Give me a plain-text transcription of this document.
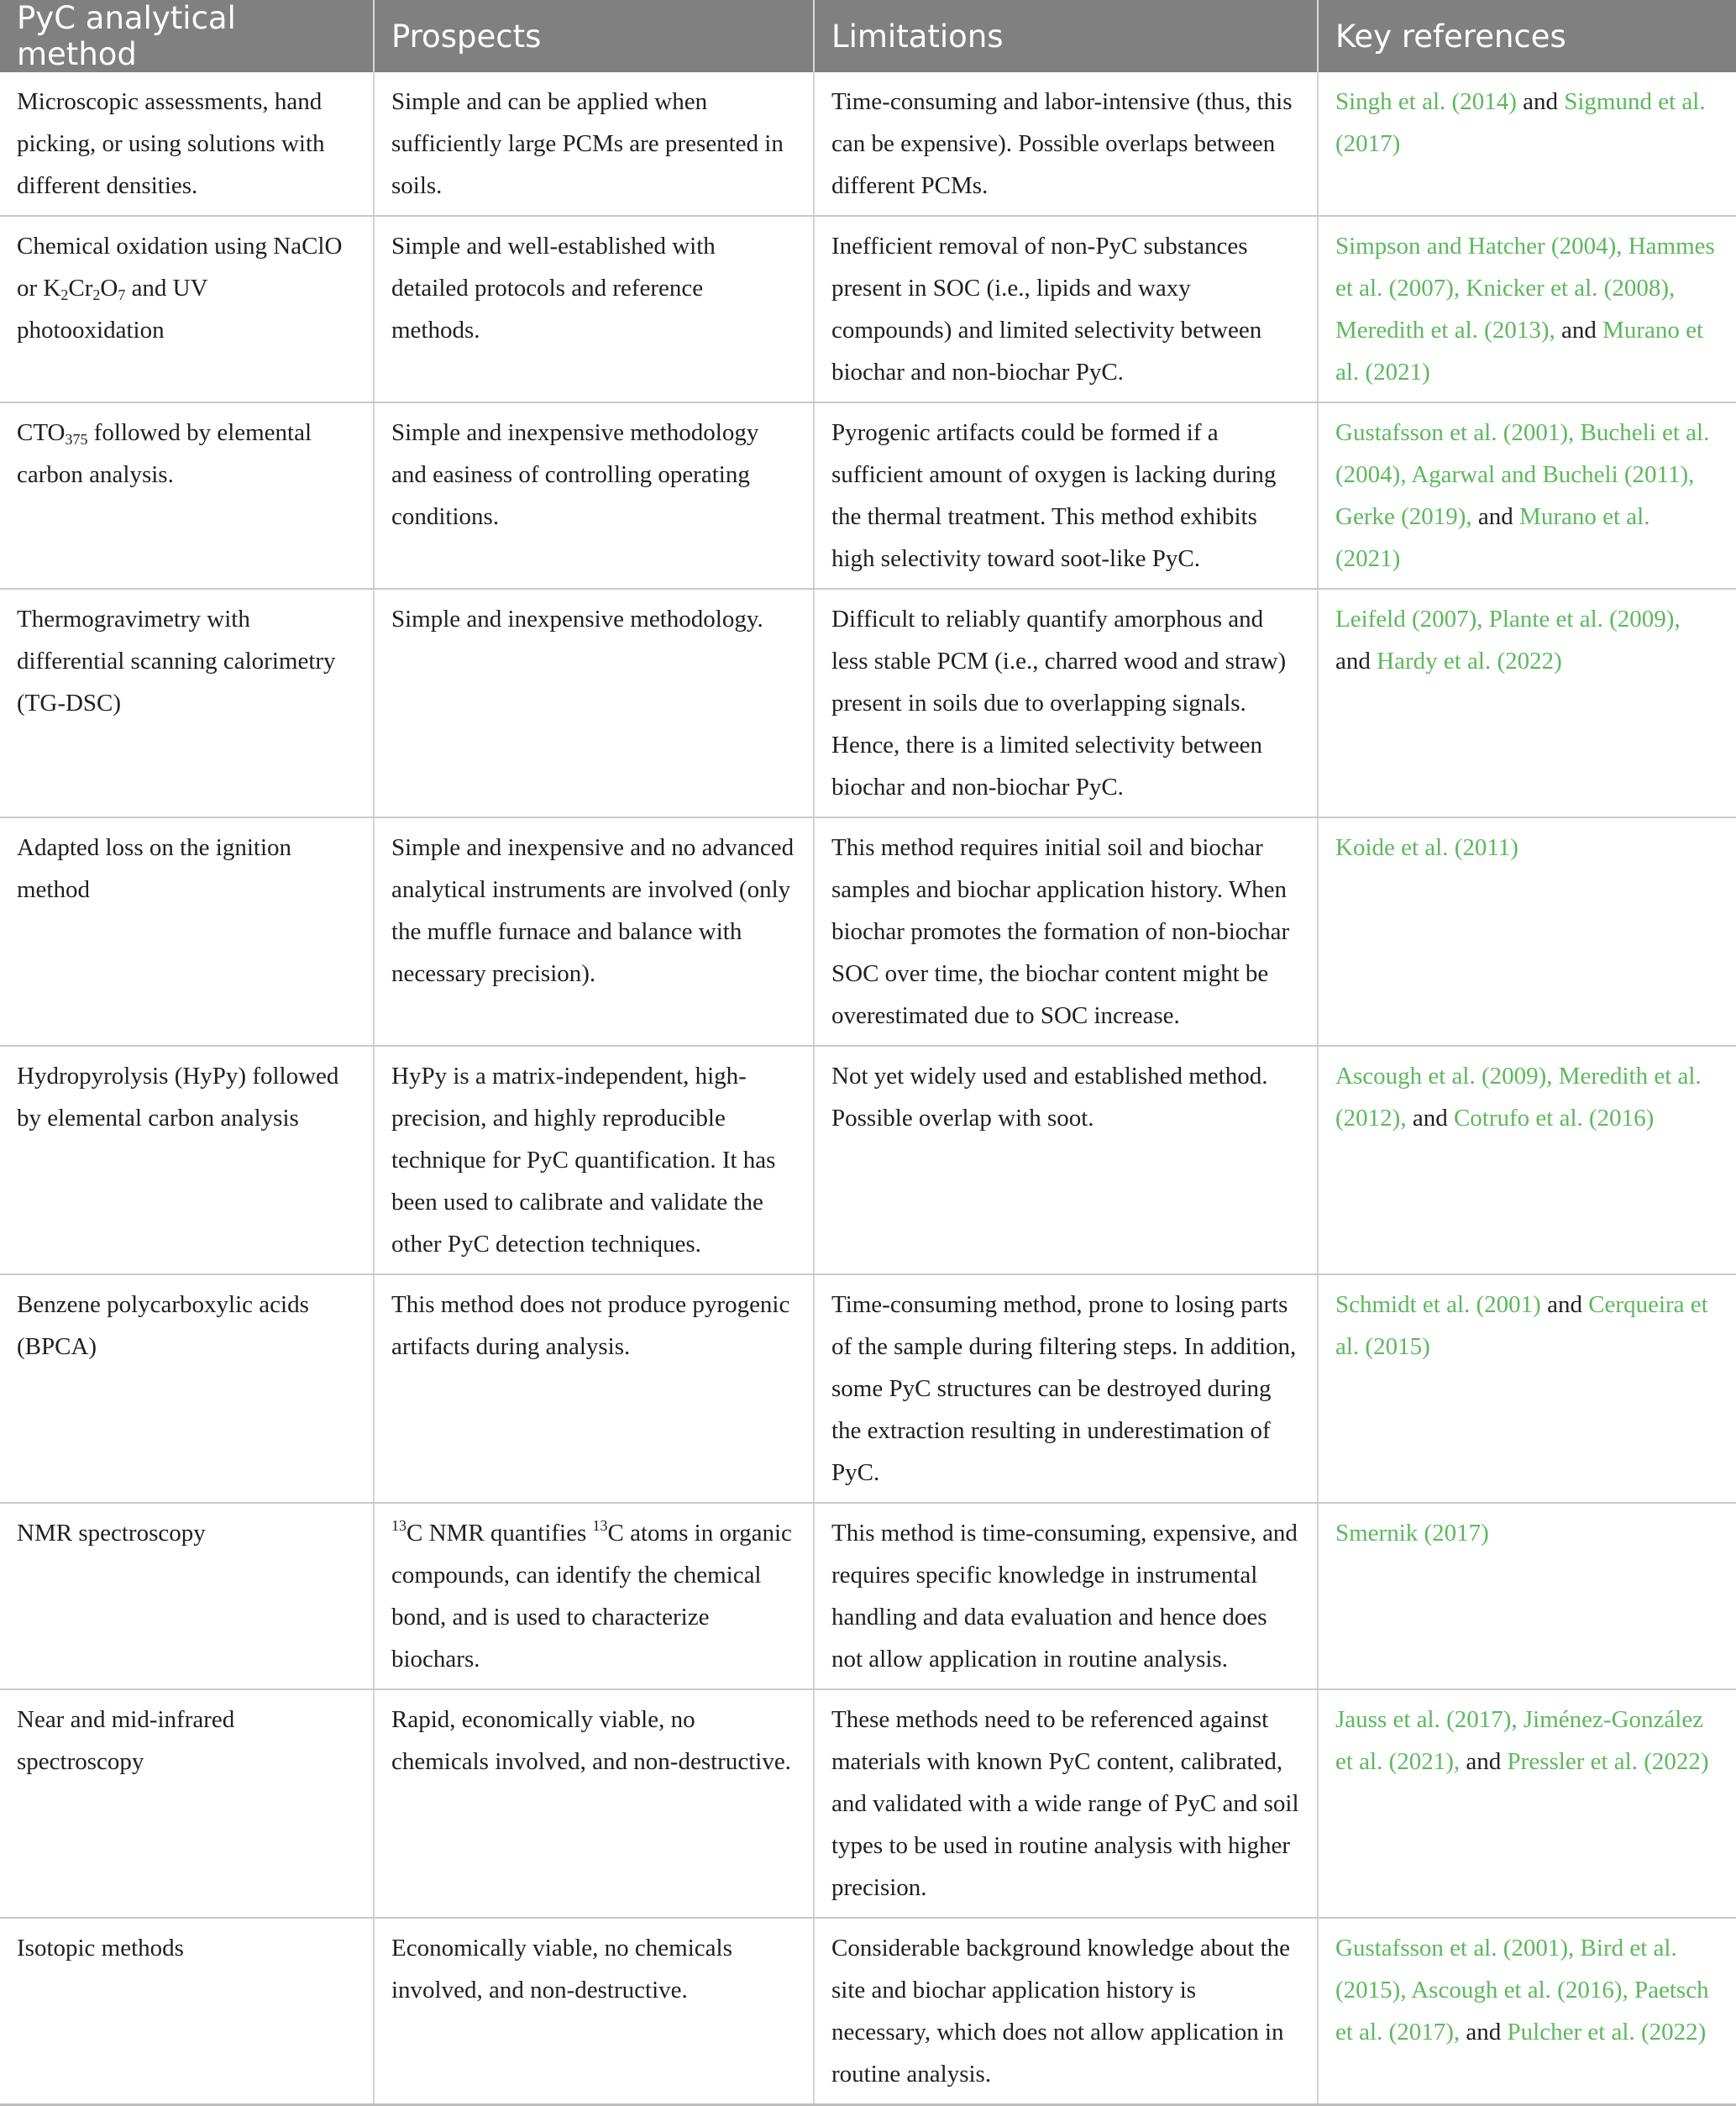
PyC analytical method	Prospects	Limitations	Key references
Microscopic assessments, hand picking, or using solutions with different densities.	Simple and can be applied when sufficiently large PCMs are presented in soils.	Time-consuming and labor-intensive (thus, this can be expensive). Possible overlaps between different PCMs.	Singh et al. (2014) and Sigmund et al. (2017)
Chemical oxidation using NaClO or $K_2Cr_2O_7$ and UV photooxidation	Simple and well-established with detailed protocols and reference methods.	Inefficient removal of non-PyC substances present in SOC (i.e., lipids and waxy compounds) and limited selectivity between biochar and non-biochar PyC.	Simpson and Hatcher (2004), Hammes et al. (2007), Knicker et al. (2008), Meredith et al. (2013), and Murano et al. (2021)
$CTO_{375}$ followed by elemental carbon analysis.	Simple and inexpensive methodology and easiness of controlling operating conditions.	Pyrogenic artifacts could be formed if a sufficient amount of oxygen is lacking during the thermal treatment. This method exhibits high selectivity toward soot-like PyC.	Gustafsson et al. (2001), Bucheli et al. (2004), Agarwal and Bucheli (2011), Gerke (2019), and Murano et al. (2021)
Thermogravimetry with differential scanning calorimetry (TG-DSC)	Simple and inexpensive methodology.	Difficult to reliably quantify amorphous and less stable PCM (i.e., charred wood and straw) present in soils due to overlapping signals. Hence, there is a limited selectivity between biochar and non-biochar PyC.	Leifeld (2007), Plante et al. (2009), and Hardy et al. (2022)
Adapted loss on the ignition method	Simple and inexpensive and no advanced analytical instruments are involved (only the muffle furnace and balance with necessary precision).	This method requires initial soil and biochar samples and biochar application history. When biochar promotes the formation of non-biochar SOC over time, the biochar content might be overestimated due to SOC increase.	Koide et al. (2011)
Hydropyrolysis (HyPy) followed by elemental carbon analysis	HyPy is a matrix-independent, high-precision, and highly reproducible technique for PyC quantification. It has been used to calibrate and validate the other PyC detection techniques.	Not yet widely used and established method. Possible overlap with soot.	Ascough et al. (2009), Meredith et al. (2012), and Cotrufo et al. (2016)
Benzene polycarboxylic acids (BPCA)	This method does not produce pyrogenic artifacts during analysis.	Time-consuming method, prone to losing parts of the sample during filtering steps. In addition, some PyC structures can be destroyed during the extraction resulting in underestimation of PyC.	Schmidt et al. (2001) and Cerqueira et al. (2015)
NMR spectroscopy	$^{13}$C NMR quantifies $^{13}$C atoms in organic compounds, can identify the chemical bond, and is used to characterize biochars.	This method is time-consuming, expensive, and requires specific knowledge in instrumental handling and data evaluation and hence does not allow application in routine analysis.	Smernik (2017)
Near and mid-infrared spectroscopy	Rapid, economically viable, no chemicals involved, and non-destructive.	These methods need to be referenced against materials with known PyC content, calibrated, and validated with a wide range of PyC and soil types to be used in routine analysis with higher precision.	Jauss et al. (2017), Jiménez-González et al. (2021), and Pressler et al. (2022)
Isotopic methods	Economically viable, no chemicals involved, and non-destructive.	Considerable background knowledge about the site and biochar application history is necessary, which does not allow application in routine analysis.	Gustafsson et al. (2001), Bird et al. (2015), Ascough et al. (2016), Paetsch et al. (2017), and Pulcher et al. (2022)
